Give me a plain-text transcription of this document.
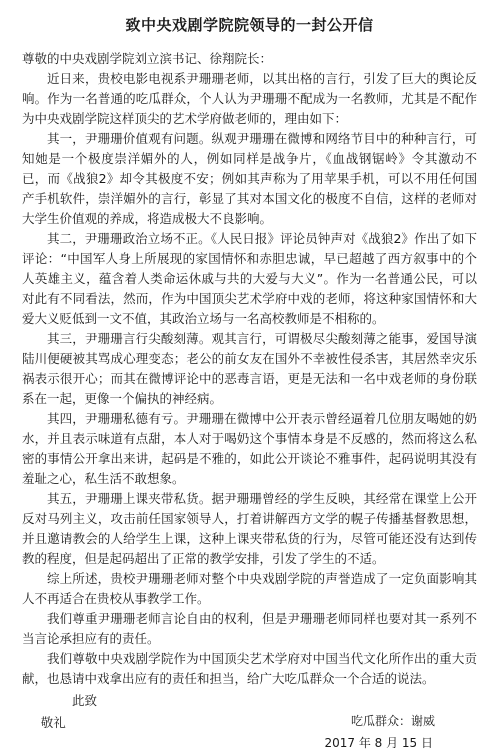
致中央戏剧学院院领导的一封公开信

尊敬的中央戏剧学院刘立滨书记、徐翔院长：

近日来，贵校电影电视系尹珊珊老师，以其出格的言行，引发了巨大的舆论反响。作为一名普通的吃瓜群众，个人认为尹珊珊不配成为一名教师，尤其是不配作为中央戏剧学院这样顶尖的艺术学府做老师的，理由如下：

其一，尹珊珊价值观有问题。纵观尹珊珊在微博和网络节目中的种种言行，可知她是一个极度崇洋媚外的人，例如同样是战争片，《血战钢锯岭》令其激动不已，而《战狼2》却令其极度不安；例如其声称为了用苹果手机，可以不用任何国产手机软件，崇洋媚外的言行，彰显了其对本国文化的极度不自信，这样的老师对大学生价值观的养成，将造成极大不良影响。

其二，尹珊珊政治立场不正。《人民日报》评论员钟声对《战狼2》作出了如下评论：“中国军人身上所展现的家国情怀和赤胆忠诚，早已超越了西方叙事中的个人英雄主义，蕴含着人类命运休戚与共的大爱与大义”。作为一名普通公民，可以对此有不同看法，然而，作为中国顶尖艺术学府中戏的老师，将这种家国情怀和大爱大义贬低到一文不值，其政治立场与一名高校教师是不相称的。

其三，尹珊珊言行尖酸刻薄。观其言行，可谓极尽尖酸刻薄之能事，爱国导演陆川便硬被其骂成心理变态；老公的前女友在国外不幸被性侵杀害，其居然幸灾乐祸表示很开心；而其在微博评论中的恶毒言语，更是无法和一名中戏老师的身份联系在一起，更像一个偏执的神经病。

其四，尹珊珊私德有亏。尹珊珊在微博中公开表示曾经逼着几位朋友喝她的奶水，并且表示味道有点甜，本人对于喝奶这个事情本身是不反感的，然而将这么私密的事情公开拿出来讲，起码是不雅的，如此公开谈论不雅事件，起码说明其没有羞耻之心，私生活不敢想象。

其五，尹珊珊上课夹带私货。据尹珊珊曾经的学生反映，其经常在课堂上公开反对马列主义，攻击前任国家领导人，打着讲解西方文学的幌子传播基督教思想，并且邀请教会的人给学生上课，这种上课夹带私货的行为，尽管可能还没有达到传教的程度，但是起码超出了正常的教学安排，引发了学生的不适。

综上所述，贵校尹珊珊老师对整个中央戏剧学院的声誉造成了一定负面影响其人不再适合在贵校从事教学工作。

我们尊重尹珊珊老师言论自由的权利，但是尹珊珊老师同样也要对其一系列不当言论承担应有的责任。

我们尊敬中央戏剧学院作为中国顶尖艺术学府对中国当代文化所作出的重大贡献，也恳请中戏拿出应有的责任和担当，给广大吃瓜群众一个合适的说法。

此致
敬礼	吃瓜群众：谢威
2017 年 8 月 15 日
